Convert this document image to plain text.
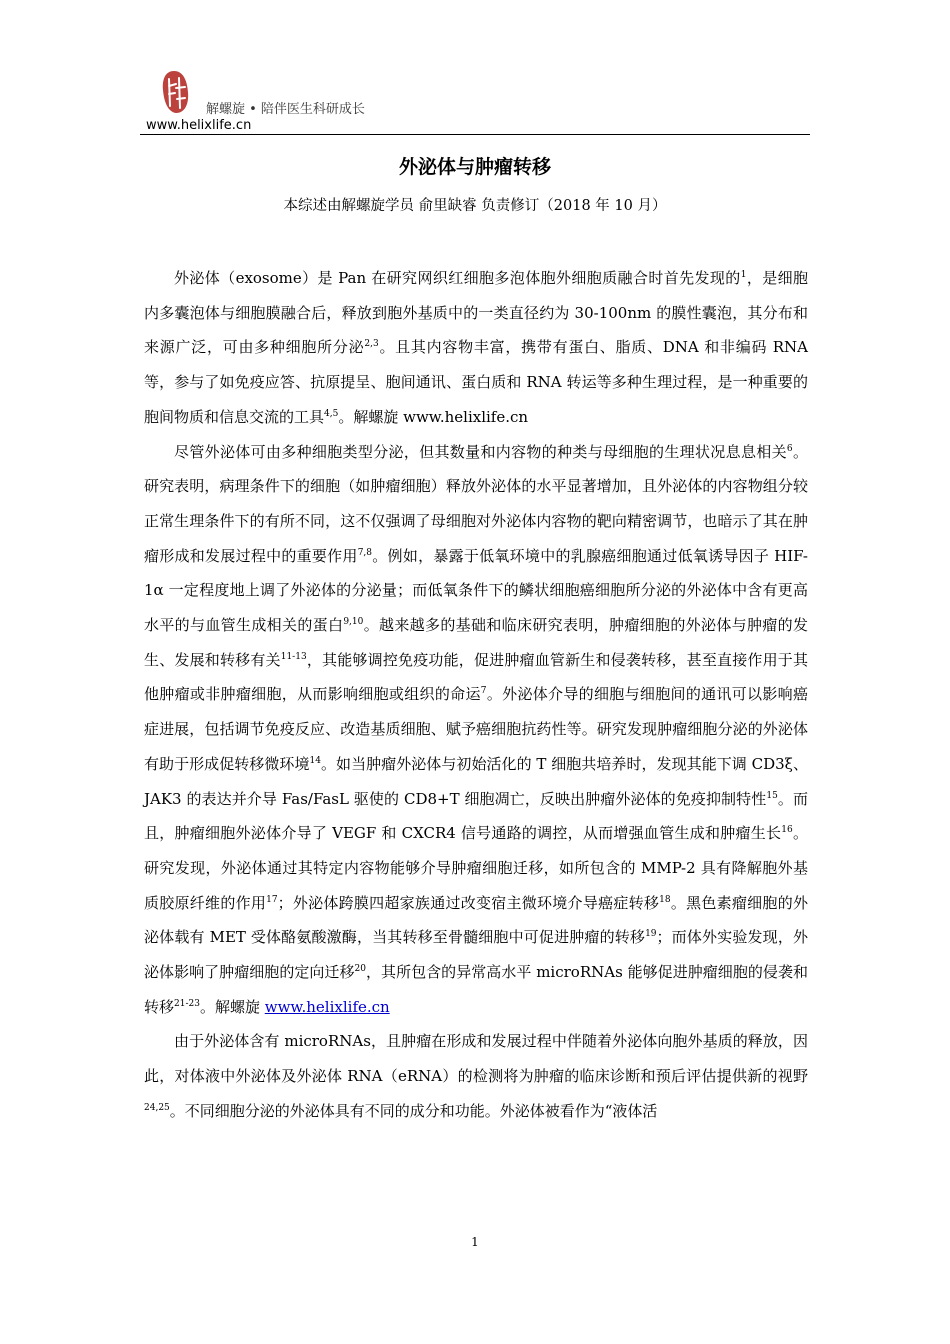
解螺旋 • 陪伴医生科研成长
www.helixlife.cn
外泌体与肿瘤转移
本综述由解螺旋学员 俞里缺睿 负责修订（2018 年 10 月）

外泌体（exosome）是 Pan 在研究网织红细胞多泡体胞外细胞质融合时首先发现的$^1$，是细胞内多囊泡体与细胞膜融合后，释放到胞外基质中的一类直径约为 30-100nm 的膜性囊泡，其分布和来源广泛，可由多种细胞所分泌$^{2,3}$。且其内容物丰富，携带有蛋白、脂质、DNA 和非编码 RNA 等，参与了如免疫应答、抗原提呈、胞间通讯、蛋白质和 RNA 转运等多种生理过程，是一种重要的胞间物质和信息交流的工具$^{4,5}$。解螺旋 www.helixlife.cn

尽管外泌体可由多种细胞类型分泌，但其数量和内容物的种类与母细胞的生理状况息息相关$^6$。研究表明，病理条件下的细胞（如肿瘤细胞）释放外泌体的水平显著增加，且外泌体的内容物组分较正常生理条件下的有所不同，这不仅强调了母细胞对外泌体内容物的靶向精密调节，也暗示了其在肿瘤形成和发展过程中的重要作用$^{7,8}$。例如，暴露于低氧环境中的乳腺癌细胞通过低氧诱导因子 HIF-1α 一定程度地上调了外泌体的分泌量；而低氧条件下的鳞状细胞癌细胞所分泌的外泌体中含有更高水平的与血管生成相关的蛋白$^{9,10}$。越来越多的基础和临床研究表明，肿瘤细胞的外泌体与肿瘤的发生、发展和转移有关$^{11-13}$，其能够调控免疫功能，促进肿瘤血管新生和侵袭转移，甚至直接作用于其他肿瘤或非肿瘤细胞，从而影响细胞或组织的命运$^7$。外泌体介导的细胞与细胞间的通讯可以影响癌症进展，包括调节免疫反应、改造基质细胞、赋予癌细胞抗药性等。研究发现肿瘤细胞分泌的外泌体有助于形成促转移微环境$^{14}$。如当肿瘤外泌体与初始活化的 T 细胞共培养时，发现其能下调 CD3ξ、JAK3 的表达并介导 Fas/FasL 驱使的 CD8+T 细胞凋亡，反映出肿瘤外泌体的免疫抑制特性$^{15}$。而且，肿瘤细胞外泌体介导了 VEGF 和 CXCR4 信号通路的调控，从而增强血管生成和肿瘤生长$^{16}$。研究发现，外泌体通过其特定内容物能够介导肿瘤细胞迁移，如所包含的 MMP-2 具有降解胞外基质胶原纤维的作用$^{17}$；外泌体跨膜四超家族通过改变宿主微环境介导癌症转移$^{18}$。黑色素瘤细胞的外泌体载有 MET 受体酪氨酸激酶，当其转移至骨髓细胞中可促进肿瘤的转移$^{19}$；而体外实验发现，外泌体影响了肿瘤细胞的定向迁移$^{20}$，其所包含的异常高水平 microRNAs 能够促进肿瘤细胞的侵袭和转移$^{21-23}$。解螺旋 www.helixlife.cn

由于外泌体含有 microRNAs，且肿瘤在形成和发展过程中伴随着外泌体向胞外基质的释放，因此，对体液中外泌体及外泌体 RNA（eRNA）的检测将为肿瘤的临床诊断和预后评估提供新的视野$^{24,25}$。不同细胞分泌的外泌体具有不同的成分和功能。外泌体被看作为“液体活

1
